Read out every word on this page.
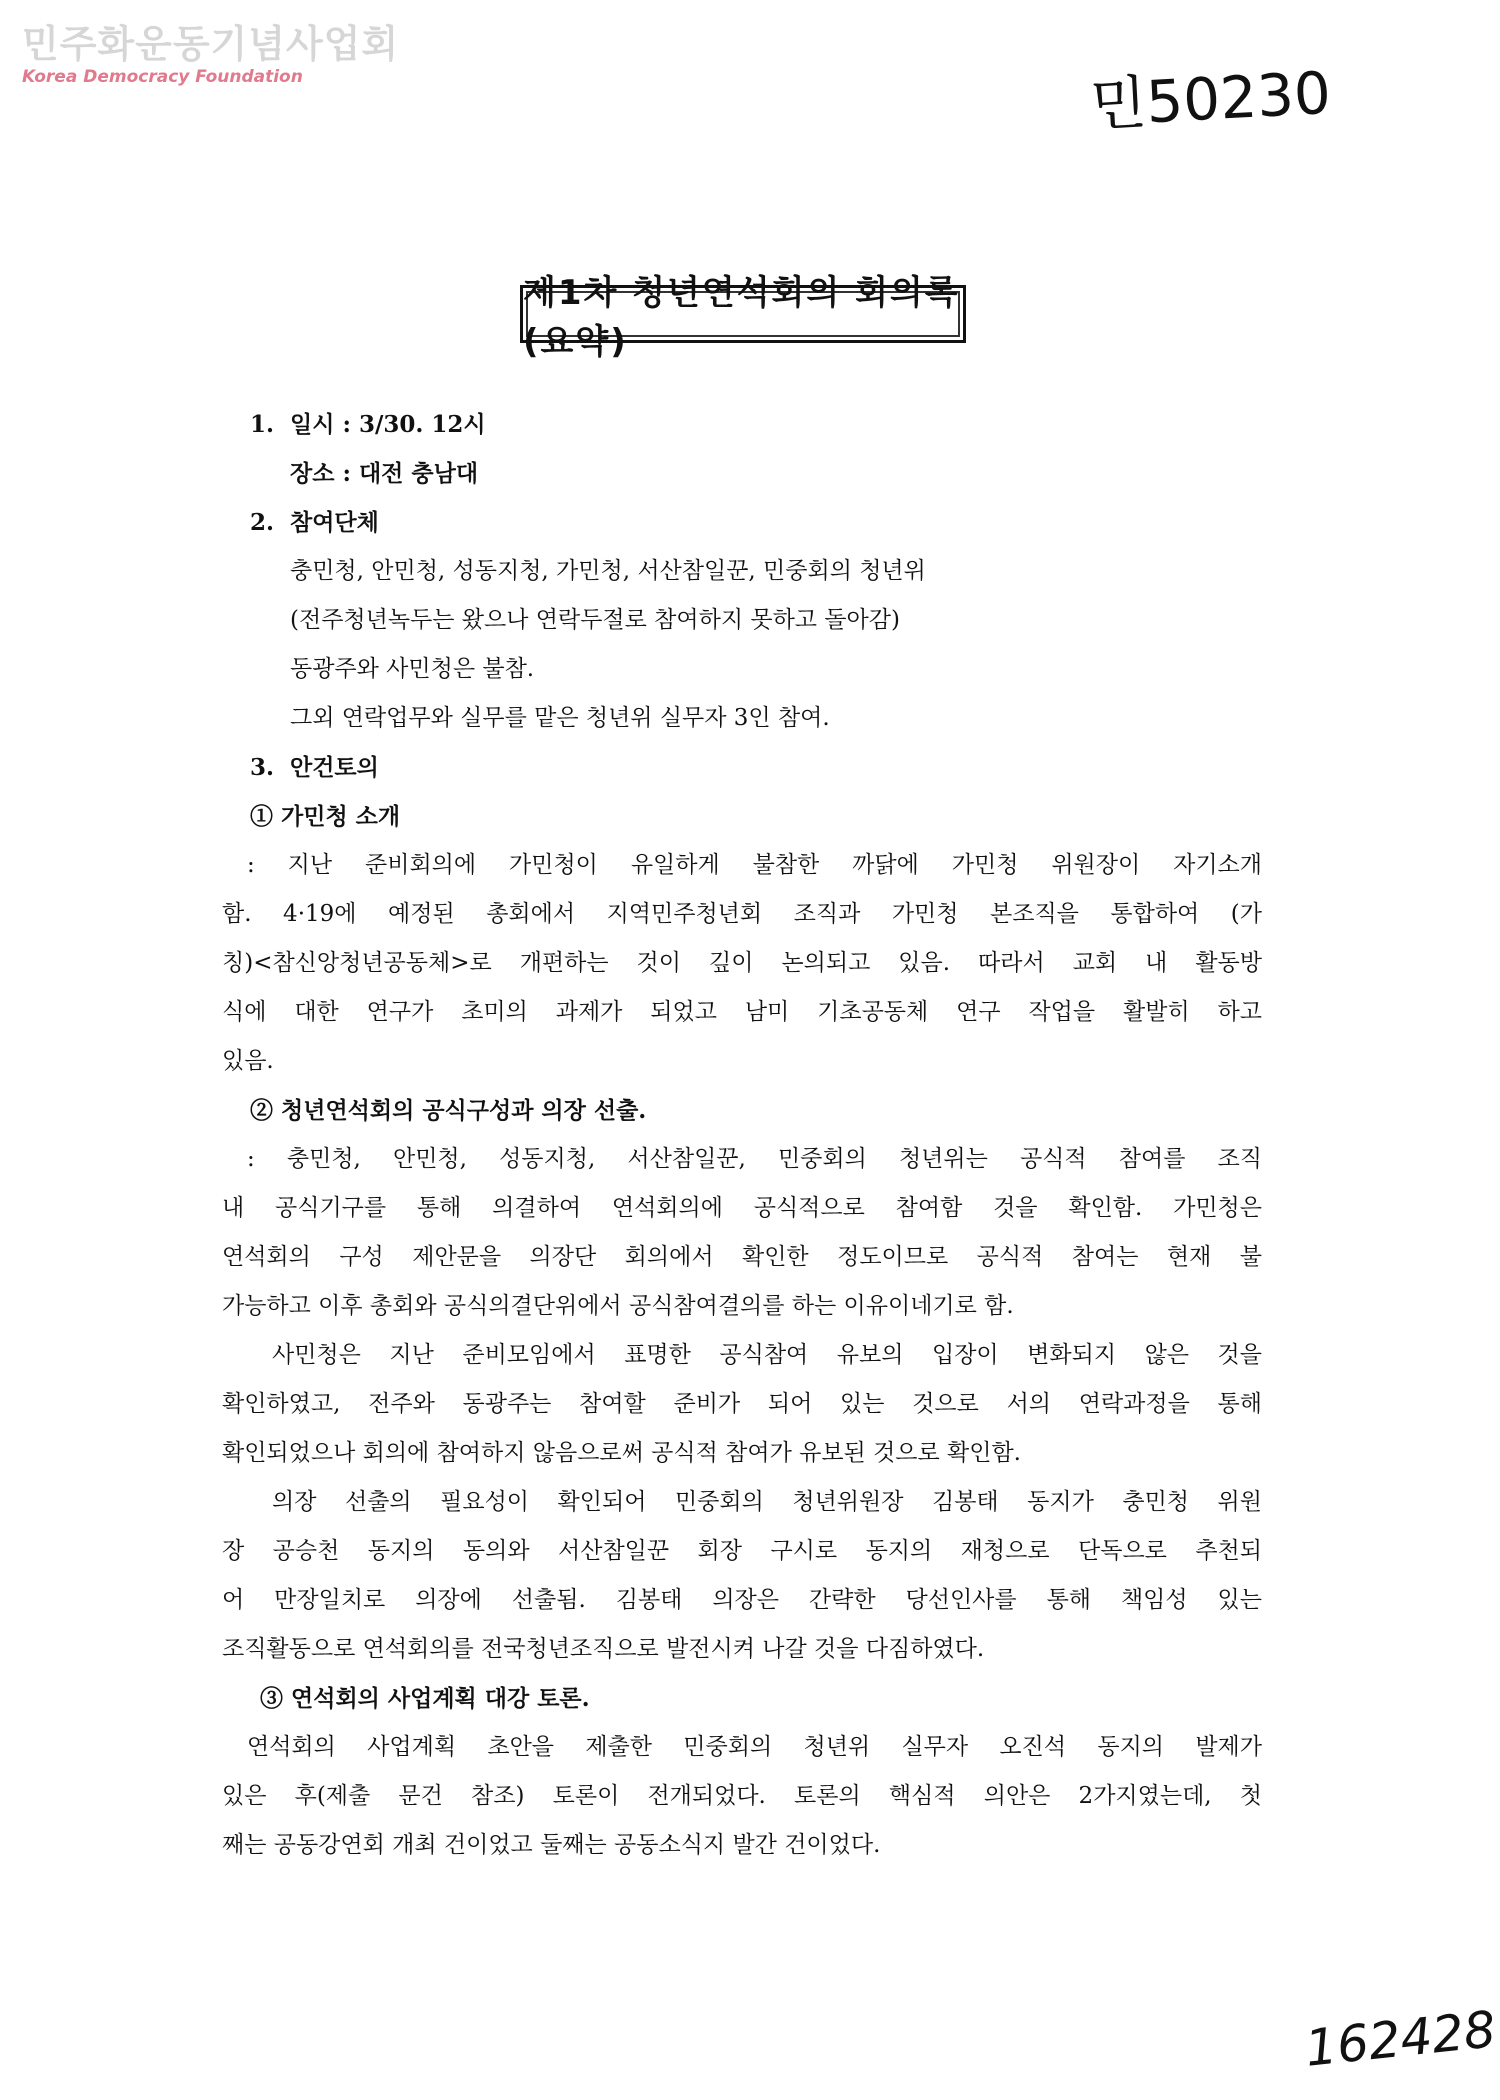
민주화운동기념사업회
Korea Democracy Foundation	민50230
제1차 청년연석회의 회의록 (요약)
1. 일시 : 3/30. 12시
장소 : 대전 충남대
2. 참여단체
충민청, 안민청, 성동지청, 가민청, 서산참일꾼, 민중회의 청년위
(전주청년녹두는 왔으나 연락두절로 참여하지 못하고 돌아감)
동광주와 사민청은 불참.
그외 연락업무와 실무를 맡은 청년위 실무자 3인 참여.
3. 안건토의
① 가민청 소개
: 지난 준비회의에 가민청이 유일하게 불참한 까닭에 가민청 위원장이 자기소개
함. 4·19에 예정된 총회에서 지역민주청년회 조직과 가민청 본조직을 통합하여 (가
칭)<참신앙청년공동체>로 개편하는 것이 깊이 논의되고 있음. 따라서 교회 내 활동방
식에 대한 연구가 초미의 과제가 되었고 남미 기초공동체 연구 작업을 활발히 하고
있음.
② 청년연석회의 공식구성과 의장 선출.
: 충민청, 안민청, 성동지청, 서산참일꾼, 민중회의 청년위는 공식적 참여를 조직
내 공식기구를 통해 의결하여 연석회의에 공식적으로 참여함 것을 확인함. 가민청은
연석회의 구성 제안문을 의장단 회의에서 확인한 정도이므로 공식적 참여는 현재 불
가능하고 이후 총회와 공식의결단위에서 공식참여결의를 하는 이유이네기로 함.
사민청은 지난 준비모임에서 표명한 공식참여 유보의 입장이 변화되지 않은 것을
확인하였고, 전주와 동광주는 참여할 준비가 되어 있는 것으로 서의 연락과정을 통해
확인되었으나 회의에 참여하지 않음으로써 공식적 참여가 유보된 것으로 확인함.
의장 선출의 필요성이 확인되어 민중회의 청년위원장 김봉태 동지가 충민청 위원
장 공승천 동지의 동의와 서산참일꾼 회장 구시로 동지의 재청으로 단독으로 추천되
어 만장일치로 의장에 선출됨. 김봉태 의장은 간략한 당선인사를 통해 책임성 있는
조직활동으로 연석회의를 전국청년조직으로 발전시켜 나갈 것을 다짐하였다.
③ 연석회의 사업계획 대강 토론.
연석회의 사업계획 초안을 제출한 민중회의 청년위 실무자 오진석 동지의 발제가
있은 후(제출 문건 참조) 토론이 전개되었다. 토론의 핵심적 의안은 2가지였는데, 첫
째는 공동강연회 개최 건이었고 둘째는 공동소식지 발간 건이었다.
162428
